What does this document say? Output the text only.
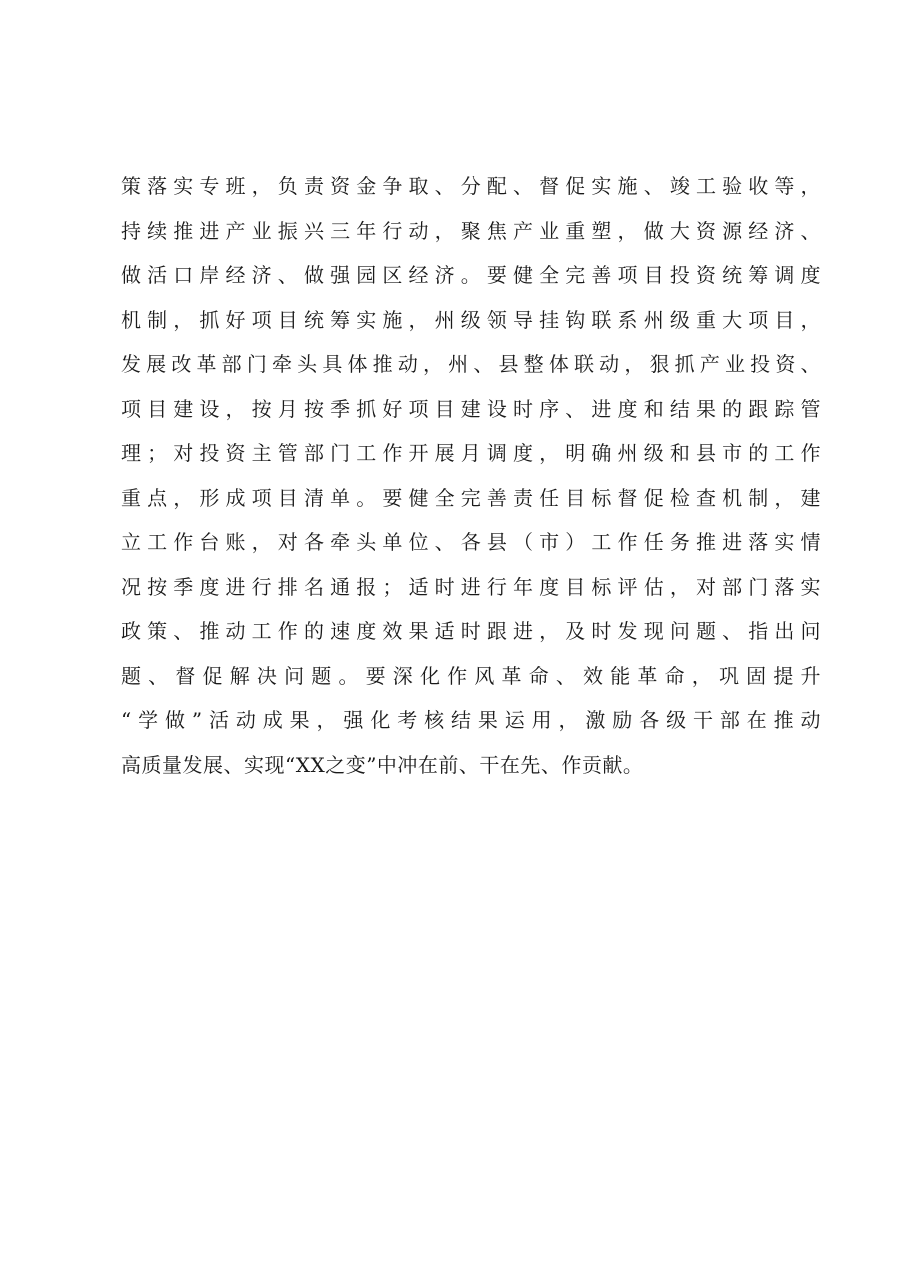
策落实专班，负责资金争取、分配、督促实施、竣工验收等，
持续推进产业振兴三年行动，聚焦产业重塑，做大资源经济、
做活口岸经济、做强园区经济。要健全完善项目投资统筹调度
机制，抓好项目统筹实施，州级领导挂钩联系州级重大项目，
发展改革部门牵头具体推动，州、县整体联动，狠抓产业投资、
项目建设，按月按季抓好项目建设时序、进度和结果的跟踪管
理；对投资主管部门工作开展月调度，明确州级和县市的工作
重点，形成项目清单。要健全完善责任目标督促检查机制，建
立工作台账，对各牵头单位、各县（市）工作任务推进落实情
况按季度进行排名通报；适时进行年度目标评估，对部门落实
政策、推动工作的速度效果适时跟进，及时发现问题、指出问
题、督促解决问题。要深化作风革命、效能革命，巩固提升
“学做”活动成果，强化考核结果运用，激励各级干部在推动
高质量发展、实现“XX之变”中冲在前、干在先、作贡献。
